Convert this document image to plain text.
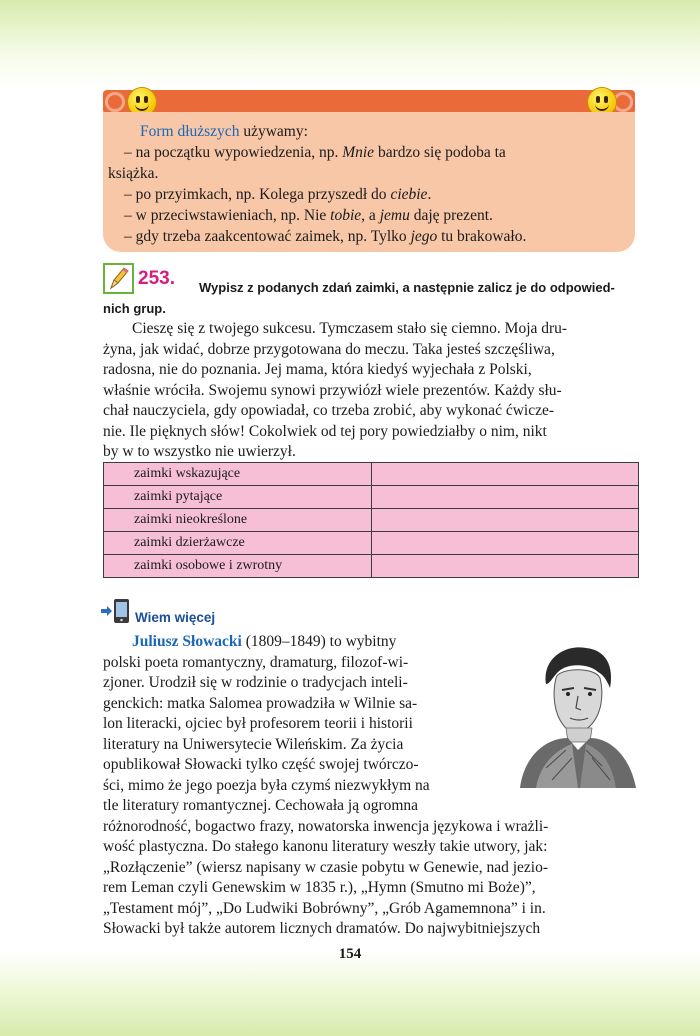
Form dłuższych używamy:
– na początku wypowiedzenia, np. Mnie bardzo się podoba ta
książka.
– po przyimkach, np. Kolega przyszedł do ciebie.
– w przeciwstawieniach, np. Nie tobie, a jemu daję prezent.
– gdy trzeba zaakcentować zaimek, np. Tylko jego tu brakowało.
253.	Wypisz z podanych zdań zaimki, a następnie zalicz je do odpowied-
nich grup.
Cieszę się z twojego sukcesu. Tymczasem stało się ciemno. Moja dru-
żyna, jak widać, dobrze przygotowana do meczu. Taka jesteś szczęśliwa,
radosna, nie do poznania. Jej mama, która kiedyś wyjechała z Polski,
właśnie wróciła. Swojemu synowi przywiózł wiele prezentów. Każdy słu-
chał nauczyciela, gdy opowiadał, co trzeba zrobić, aby wykonać ćwicze-
nie. Ile pięknych słów! Cokolwiek od tej pory powiedziałby o nim, nikt
by w to wszystko nie uwierzył.
zaimki wskazujące	
zaimki pytające	
zaimki nieokreślone	
zaimki dzierżawcze	
zaimki osobowe i zwrotny	
Wiem więcej
Juliusz Słowacki (1809–1849) to wybitny
polski poeta romantyczny, dramaturg, filozof-wi-
zjoner. Urodził się w rodzinie o tradycjach inteli-
genckich: matka Salomea prowadziła w Wilnie sa-
lon literacki, ojciec był profesorem teorii i historii
literatury na Uniwersytecie Wileńskim. Za życia
opublikował Słowacki tylko część swojej twórczo-
ści, mimo że jego poezja była czymś niezwykłym na
tle literatury romantycznej. Cechowała ją ogromna
różnorodność, bogactwo frazy, nowatorska inwencja językowa i wrażli-
wość plastyczna. Do stałego kanonu literatury weszły takie utwory, jak:
„Rozłączenie” (wiersz napisany w czasie pobytu w Genewie, nad jezio-
rem Leman czyli Genewskim w 1835 r.), „Hymn (Smutno mi Boże)”,
„Testament mój”, „Do Ludwiki Bobrówny”, „Grób Agamemnona” i in.
Słowacki był także autorem licznych dramatów. Do najwybitniejszych
154
